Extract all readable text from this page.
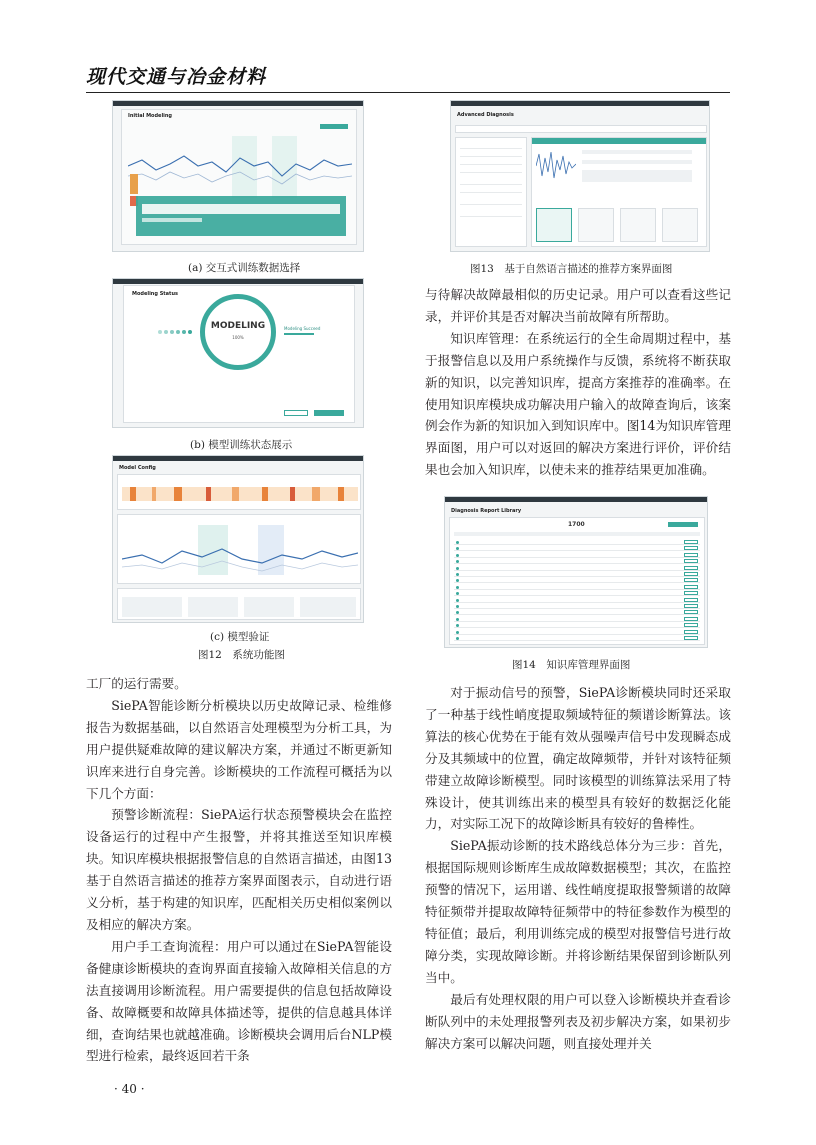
现代交通与冶金材料
Initial Modeling
(a) 交互式训练数据选择
Modeling Status
MODELING
100%
Modeling Succeed
(b) 模型训练状态展示
Model Config
(c) 模型验证
图12　系统功能图
Advanced Diagnosis
图13　基于自然语言描述的推荐方案界面图

与待解决故障最相似的历史记录。用户可以查看这些记录，并评价其是否对解决当前故障有所帮助。

知识库管理：在系统运行的全生命周期过程中，基于报警信息以及用户系统操作与反馈，系统将不断获取新的知识，以完善知识库，提高方案推荐的准确率。在使用知识库模块成功解决用户输入的故障查询后，该案例会作为新的知识加入到知识库中。图14为知识库管理界面图，用户可以对返回的解决方案进行评价，评价结果也会加入知识库，以使未来的推荐结果更加准确。

Diagnosis Report Library
1700
图14　知识库管理界面图

工厂的运行需要。

SiePA智能诊断分析模块以历史故障记录、检维修报告为数据基础，以自然语言处理模型为分析工具，为用户提供疑难故障的建议解决方案，并通过不断更新知识库来进行自身完善。诊断模块的工作流程可概括为以下几个方面：

预警诊断流程：SiePA运行状态预警模块会在监控设备运行的过程中产生报警，并将其推送至知识库模块。知识库模块根据报警信息的自然语言描述，由图13基于自然语言描述的推荐方案界面图表示，自动进行语义分析，基于构建的知识库，匹配相关历史相似案例以及相应的解决方案。

用户手工查询流程：用户可以通过在SiePA智能设备健康诊断模块的查询界面直接输入故障相关信息的方法直接调用诊断流程。用户需要提供的信息包括故障设备、故障概要和故障具体描述等，提供的信息越具体详细，查询结果也就越准确。诊断模块会调用后台NLP模型进行检索，最终返回若干条

对于振动信号的预警，SiePA诊断模块同时还采取了一种基于线性峭度提取频域特征的频谱诊断算法。该算法的核心优势在于能有效从强噪声信号中发现瞬态成分及其频域中的位置，确定故障频带，并针对该特征频带建立故障诊断模型。同时该模型的训练算法采用了特殊设计，使其训练出来的模型具有较好的数据泛化能力，对实际工况下的故障诊断具有较好的鲁棒性。

SiePA振动诊断的技术路线总体分为三步：首先，根据国际规则诊断库生成故障数据模型；其次，在监控预警的情况下，运用谱、线性峭度提取报警频谱的故障特征频带并提取故障特征频带中的特征参数作为模型的特征值；最后，利用训练完成的模型对报警信号进行故障分类，实现故障诊断。并将诊断结果保留到诊断队列当中。

最后有处理权限的用户可以登入诊断模块并查看诊断队列中的未处理报警列表及初步解决方案，如果初步解决方案可以解决问题，则直接处理并关

· 40 ·
